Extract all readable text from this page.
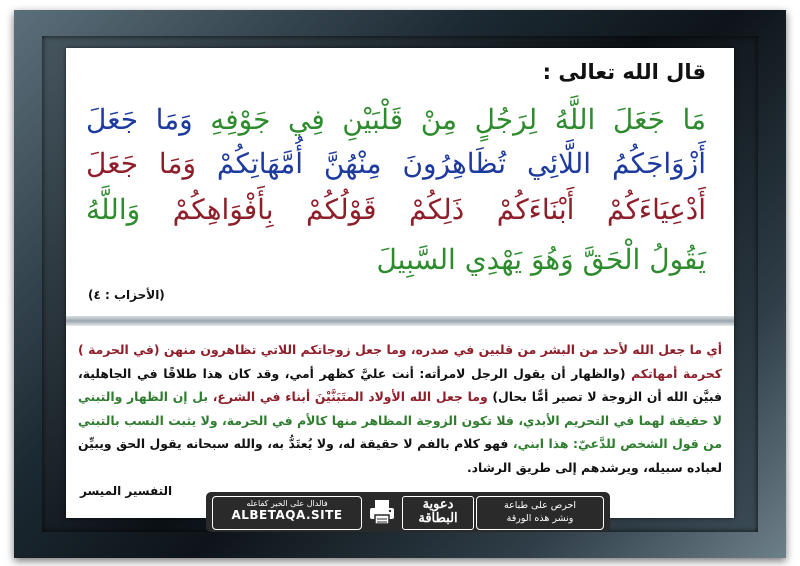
قال الله تعالى :
مَا جَعَلَ اللَّهُ لِرَجُلٍ مِنْ قَلْبَيْنِ فِي جَوْفِهِ وَمَا جَعَلَ
أَزْوَاجَكُمُ اللَّائِي تُظَاهِرُونَ مِنْهُنَّ أُمَّهَاتِكُمْ وَمَا جَعَلَ
أَدْعِيَاءَكُمْ أَبْنَاءَكُمْ ذَلِكُمْ قَوْلُكُمْ بِأَفْوَاهِكُمْ وَاللَّهُ
يَقُولُ الْحَقَّ وَهُوَ يَهْدِي السَّبِيلَ
(الأحزاب : ٤)
أي ما جعل الله لأحد من البشر من قلبين في صدره، وما جعل زوجاتكم اللاتي تظاهرون منهن (في الحرمة ) كحرمة أمهاتكم (والظهار أن يقول الرجل لامرأته: أنت عليَّ كظهر أمي، وقد كان هذا طلاقًا في الجاهلية، فبيَّن الله أن الزوجة لا تصير أمًّا بحال) وما جعل الله الأولاد المتَبَنَّيْنَ أبناء في الشرع، بل إن الظهار والتبني لا حقيقة لهما في التحريم الأبدي، فلا تكون الزوجة المظاهر منها كالأم في الحرمة، ولا يثبت النسب بالتبني من قول الشخص للدَّعيّ: هذا ابني، فهو كلام بالفم لا حقيقة له، ولا يُعتَدُّ به، والله سبحانه يقول الحق ويبيِّن لعباده سبيله، ويرشدهم إلى طريق الرشاد.
التفسير الميسر
فالدال على الخير كفاعله
ALBETAQA.SITE
دعوية
البطاقة
احرص على طباعة
ونشر هذه الورقة
